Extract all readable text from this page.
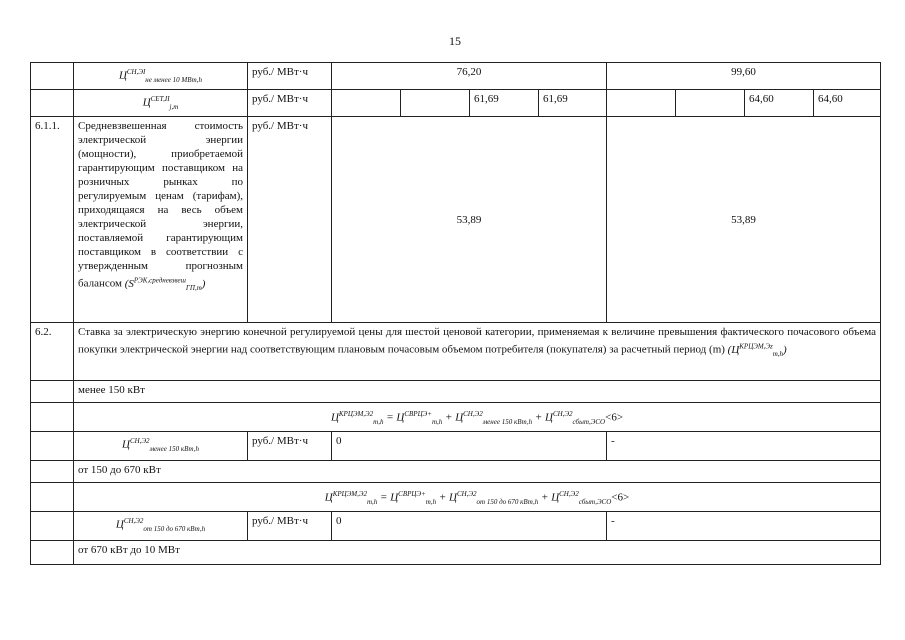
15
	$Ц^{СН,ЭI}_{не менее 10 МВт,h}$	руб./ МВт·ч	76,20				99,60			
	$Ц^{СЕТ,II}_{j,m}$	руб./ МВт·ч			61,69	61,69			64,60	64,60
6.1.1.	Средневзвешенная стоимость электрической энергии (мощности), приобретаемой гарантирующим поставщиком на розничных рынках по регулируемым ценам (тарифам), приходящаяся на весь объем электрической энергии, поставляемой гарантирующим поставщиком в соответствии с утвержденным прогнозным балансом $(S^{РЭК,средневзвеш}_{ГП,m})$	руб./ МВт·ч	53,89				53,89			
6.2.	Ставка за электрическую энергию конечной регулируемой цены для шестой ценовой категории, применяемая к величине превышения фактического почасового объема покупки электрической энергии над соответствующим плановым почасовым объемом потребителя (покупателя) за расчетный период (m) $(Ц^{КРЦЭМ,Эz}_{m,h})$									
	менее 150 кВт									
	$Ц^{КРЦЭМ,Э2}_{m,h} = Ц^{СВРЦЭ+}_{m,h} + Ц^{СН,Э2}_{менее 150 кВт,h} + Ц^{СН,Э2}_{сбыт,ЭСО}<6>$									
	$Ц^{СН,Э2}_{менее 150 кВт,h}$	руб./ МВт·ч	0				-			
	от 150 до 670 кВт									
	$Ц^{КРЦЭМ,Э2}_{m,h} = Ц^{СВРЦЭ+}_{m,h} + Ц^{СН,Э2}_{от 150 до 670 кВт,h} + Ц^{СН,Э2}_{сбыт,ЭСО}<6>$									
	$Ц^{СН,Э2}_{от 150 до 670 кВт,h}$	руб./ МВт·ч	0				-			
	от 670 кВт до 10 МВт									
